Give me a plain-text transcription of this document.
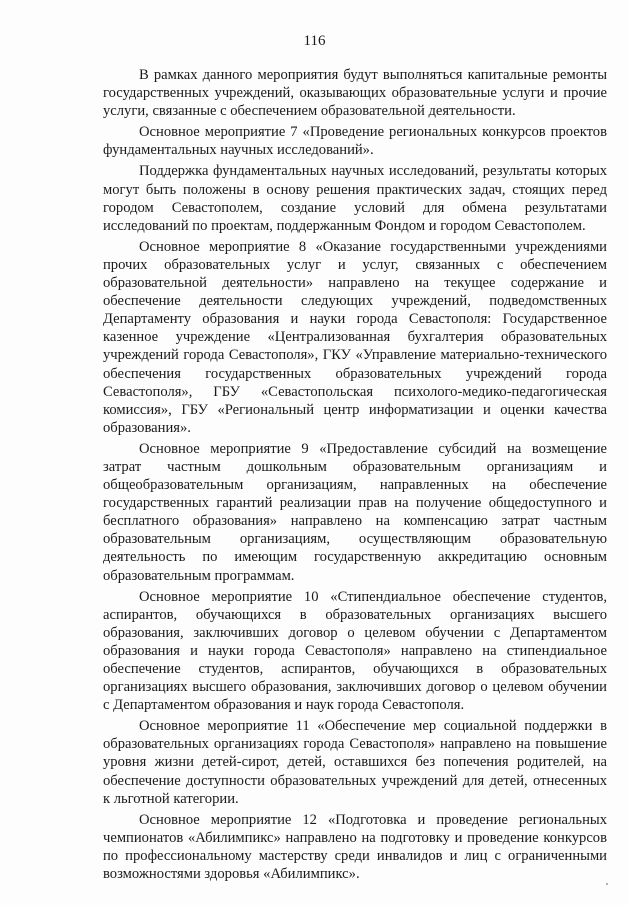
116

В рамках данного мероприятия будут выполняться капитальные ремонты государственных учреждений, оказывающих образовательные услуги и прочие услуги, связанные с обеспечением образовательной деятельности.

Основное мероприятие 7 «Проведение региональных конкурсов проектов фундаментальных научных исследований».

Поддержка фундаментальных научных исследований, результаты которых могут быть положены в основу решения практических задач, стоящих перед городом Севастополем, создание условий для обмена результатами исследований по проектам, поддержанным Фондом и городом Севастополем.

Основное мероприятие 8 «Оказание государственными учреждениями прочих образовательных услуг и услуг, связанных с обеспечением образовательной деятельности» направлено на текущее содержание и обеспечение деятельности следующих учреждений, подведомственных Департаменту образования и науки города Севастополя: Государственное казенное учреждение «Централизованная бухгалтерия образовательных учреждений города Севастополя», ГКУ «Управление материально-технического обеспечения государственных образовательных учреждений города Севастополя», ГБУ «Севастопольская психолого-медико-педагогическая комиссия», ГБУ «Региональный центр информатизации и оценки качества образования».

Основное мероприятие 9 «Предоставление субсидий на возмещение затрат частным дошкольным образовательным организациям и общеобразовательным организациям, направленных на обеспечение государственных гарантий реализации прав на получение общедоступного и бесплатного образования» направлено на компенсацию затрат частным образовательным организациям, осуществляющим образовательную деятельность по имеющим государственную аккредитацию основным образовательным программам.

Основное мероприятие 10 «Стипендиальное обеспечение студентов, аспирантов, обучающихся в образовательных организациях высшего образования, заключивших договор о целевом обучении с Департаментом образования и науки города Севастополя» направлено на стипендиальное обеспечение студентов, аспирантов, обучающихся в образовательных организациях высшего образования, заключивших договор о целевом обучении с Департаментом образования и наук города Севастополя.

Основное мероприятие 11 «Обеспечение мер социальной поддержки в образовательных организациях города Севастополя» направлено на повышение уровня жизни детей-сирот, детей, оставшихся без попечения родителей, на обеспечение доступности образовательных учреждений для детей, отнесенных к льготной категории.

Основное мероприятие 12 «Подготовка и проведение региональных чемпионатов «Абилимпикс» направлено на подготовку и проведение конкурсов по профессиональному мастерству среди инвалидов и лиц с ограниченными возможностями здоровья «Абилимпикс».
